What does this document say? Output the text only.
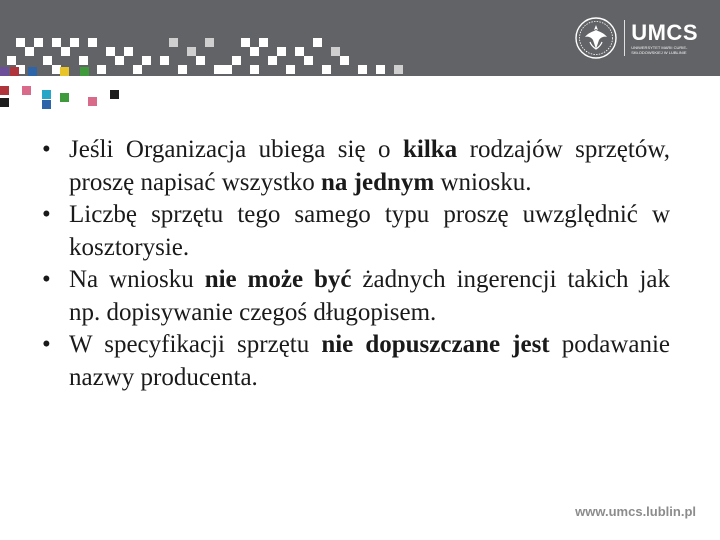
UMCS
UNIWERSYTET MARII CURIE-SKŁODOWSKIEJ W LUBLINIE
• Jeśli Organizacja ubiega się o kilka rodzajów sprzętów, proszę napisać wszystko na jednym wniosku.
• Liczbę sprzętu tego samego typu proszę uwzględnić w kosztorysie.
• Na wniosku nie może być żadnych ingerencji takich jak np. dopisywanie czegoś długopisem.
• W specyfikacji sprzętu nie dopuszczane jest podawanie nazwy producenta.
www.umcs.lublin.pl
